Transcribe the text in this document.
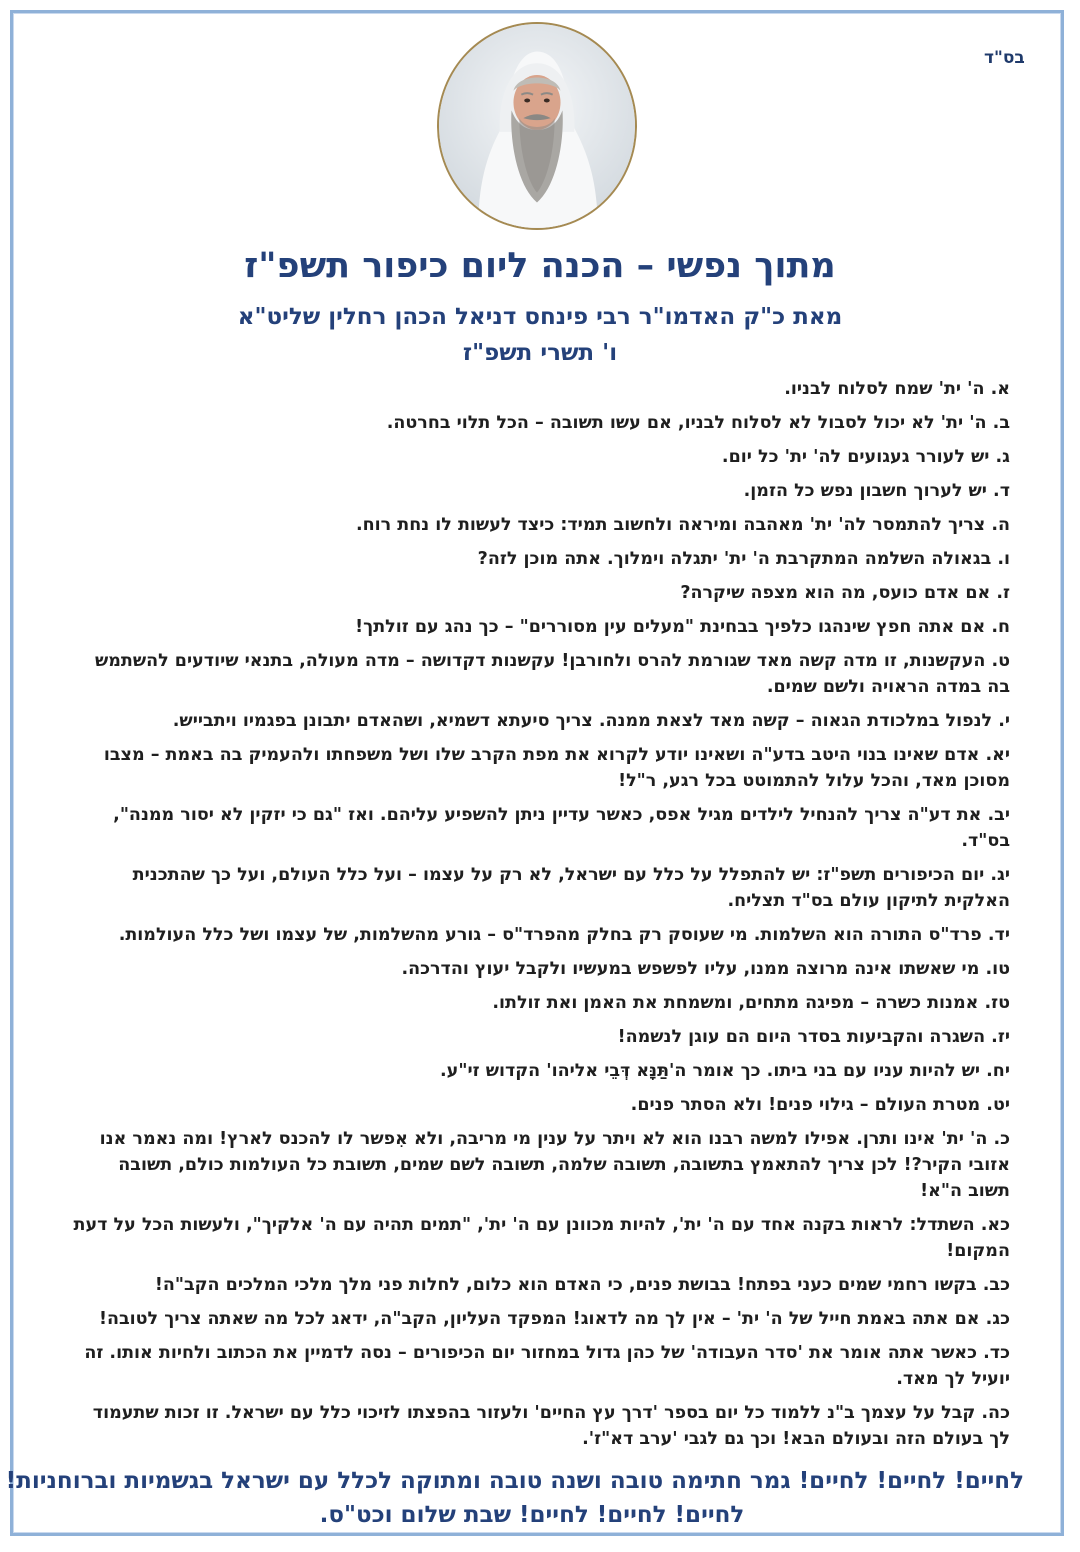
בס"ד
מתוך נפשי – הכנה ליום כיפור תשפ"ז
מאת כ"ק האדמו"ר רבי פינחס דניאל הכהן רחלין שליט"א
ו' תשרי תשפ"ז
א. ה' ית' שמח לסלוח לבניו.
ב. ה' ית' לא יכול לסבול לא לסלוח לבניו, אם עשו תשובה – הכל תלוי בחרטה.
ג. יש לעורר געגועים לה' ית' כל יום.
ד. יש לערוך חשבון נפש כל הזמן.
ה. צריך להתמסר לה' ית' מאהבה ומיראה ולחשוב תמיד: כיצד לעשות לו נחת רוח.
ו. בגאולה השלמה המתקרבת ה' ית' יתגלה וימלוך. אתה מוכן לזה?
ז. אם אדם כועס, מה הוא מצפה שיקרה?
ח. אם אתה חפץ שינהגו כלפיך בבחינת "מעלים עין מסוררים" – כך נהג עם זולתך!
ט. העקשנות, זו מדה קשה מאד שגורמת להרס ולחורבן! עקשנות דקדושה – מדה מעולה, בתנאי שיודעים להשתמש בה במדה הראויה ולשם שמים.
י. לנפול במלכודת הגאוה – קשה מאד לצאת ממנה. צריך סיעתא דשמיא, ושהאדם יתבונן בפגמיו ויתבייש.
יא. אדם שאינו בנוי היטב בדע"ה ושאינו יודע לקרוא את מפת הקרב שלו ושל משפחתו ולהעמיק בה באמת – מצבו מסוכן מאד, והכל עלול להתמוטט בכל רגע, ר"ל!
יב. את דע"ה צריך להנחיל לילדים מגיל אפס, כאשר עדיין ניתן להשפיע עליהם. ואז "גם כי יזקין לא יסור ממנה", בס"ד.
יג. יום הכיפורים תשפ"ז: יש להתפלל על כלל עם ישראל, לא רק על עצמו – ועל כלל העולם, ועל כך שהתכנית האלקית לתיקון עולם בס"ד תצליח.
יד. פרד"ס התורה הוא השלמות. מי שעוסק רק בחלק מהפרד"ס – גורע מהשלמות, של עצמו ושל כלל העולמות.
טו. מי שאשתו אינה מרוצה ממנו, עליו לפשפש במעשיו ולקבל יעוץ והדרכה.
טז. אמנות כשרה – מפיגה מתחים, ומשמחת את האמן ואת זולתו.
יז. השגרה והקביעות בסדר היום הם עוגן לנשמה!
יח. יש להיות עניו עם בני ביתו. כך אומר ה'תַּנָּא דְּבֵי אליהו' הקדוש זי"ע.
יט. מטרת העולם – גילוי פנים! ולא הסתר פנים.
כ. ה' ית' אינו ותרן. אפילו למשה רבנו הוא לא ויתר על ענין מי מריבה, ולא אִפשר לו להכנס לארץ! ומה נאמר אנו אזובי הקיר?! לכן צריך להתאמץ בתשובה, תשובה שלמה, תשובה לשם שמים, תשובת כל העולמות כולם, תשובה תשוב ה"א!
כא. השתדל: לראות בקנה אחד עם ה' ית', להיות מכוונן עם ה' ית', "תמים תהיה עם ה' אלקיך", ולעשות הכל על דעת המקום!
כב. בקשו רחמי שמים כעני בפתח! בבושת פנים, כי האדם הוא כלום, לחלות פני מלך מלכי המלכים הקב"ה!
כג. אם אתה באמת חייל של ה' ית' – אין לך מה לדאוג! המפקד העליון, הקב"ה, ידאג לכל מה שאתה צריך לטובה!
כד. כאשר אתה אומר את 'סדר העבודה' של כהן גדול במחזור יום הכיפורים – נסה לדמיין את הכתוב ולחיות אותו. זה יועיל לך מאד.
כה. קבל על עצמך ב"נ ללמוד כל יום בספר 'דרך עץ החיים' ולעזור בהפצתו לזיכוי כלל עם ישראל. זו זכות שתעמוד לך בעולם הזה ובעולם הבא! וכך גם לגבי 'ערב דא"ז'.
לחיים! לחיים! לחיים! גמר חתימה טובה ושנה טובה ומתוקה לכלל עם ישראל בגשמיות וברוחניות!
לחיים! לחיים! לחיים! שבת שלום וכט"ס.
